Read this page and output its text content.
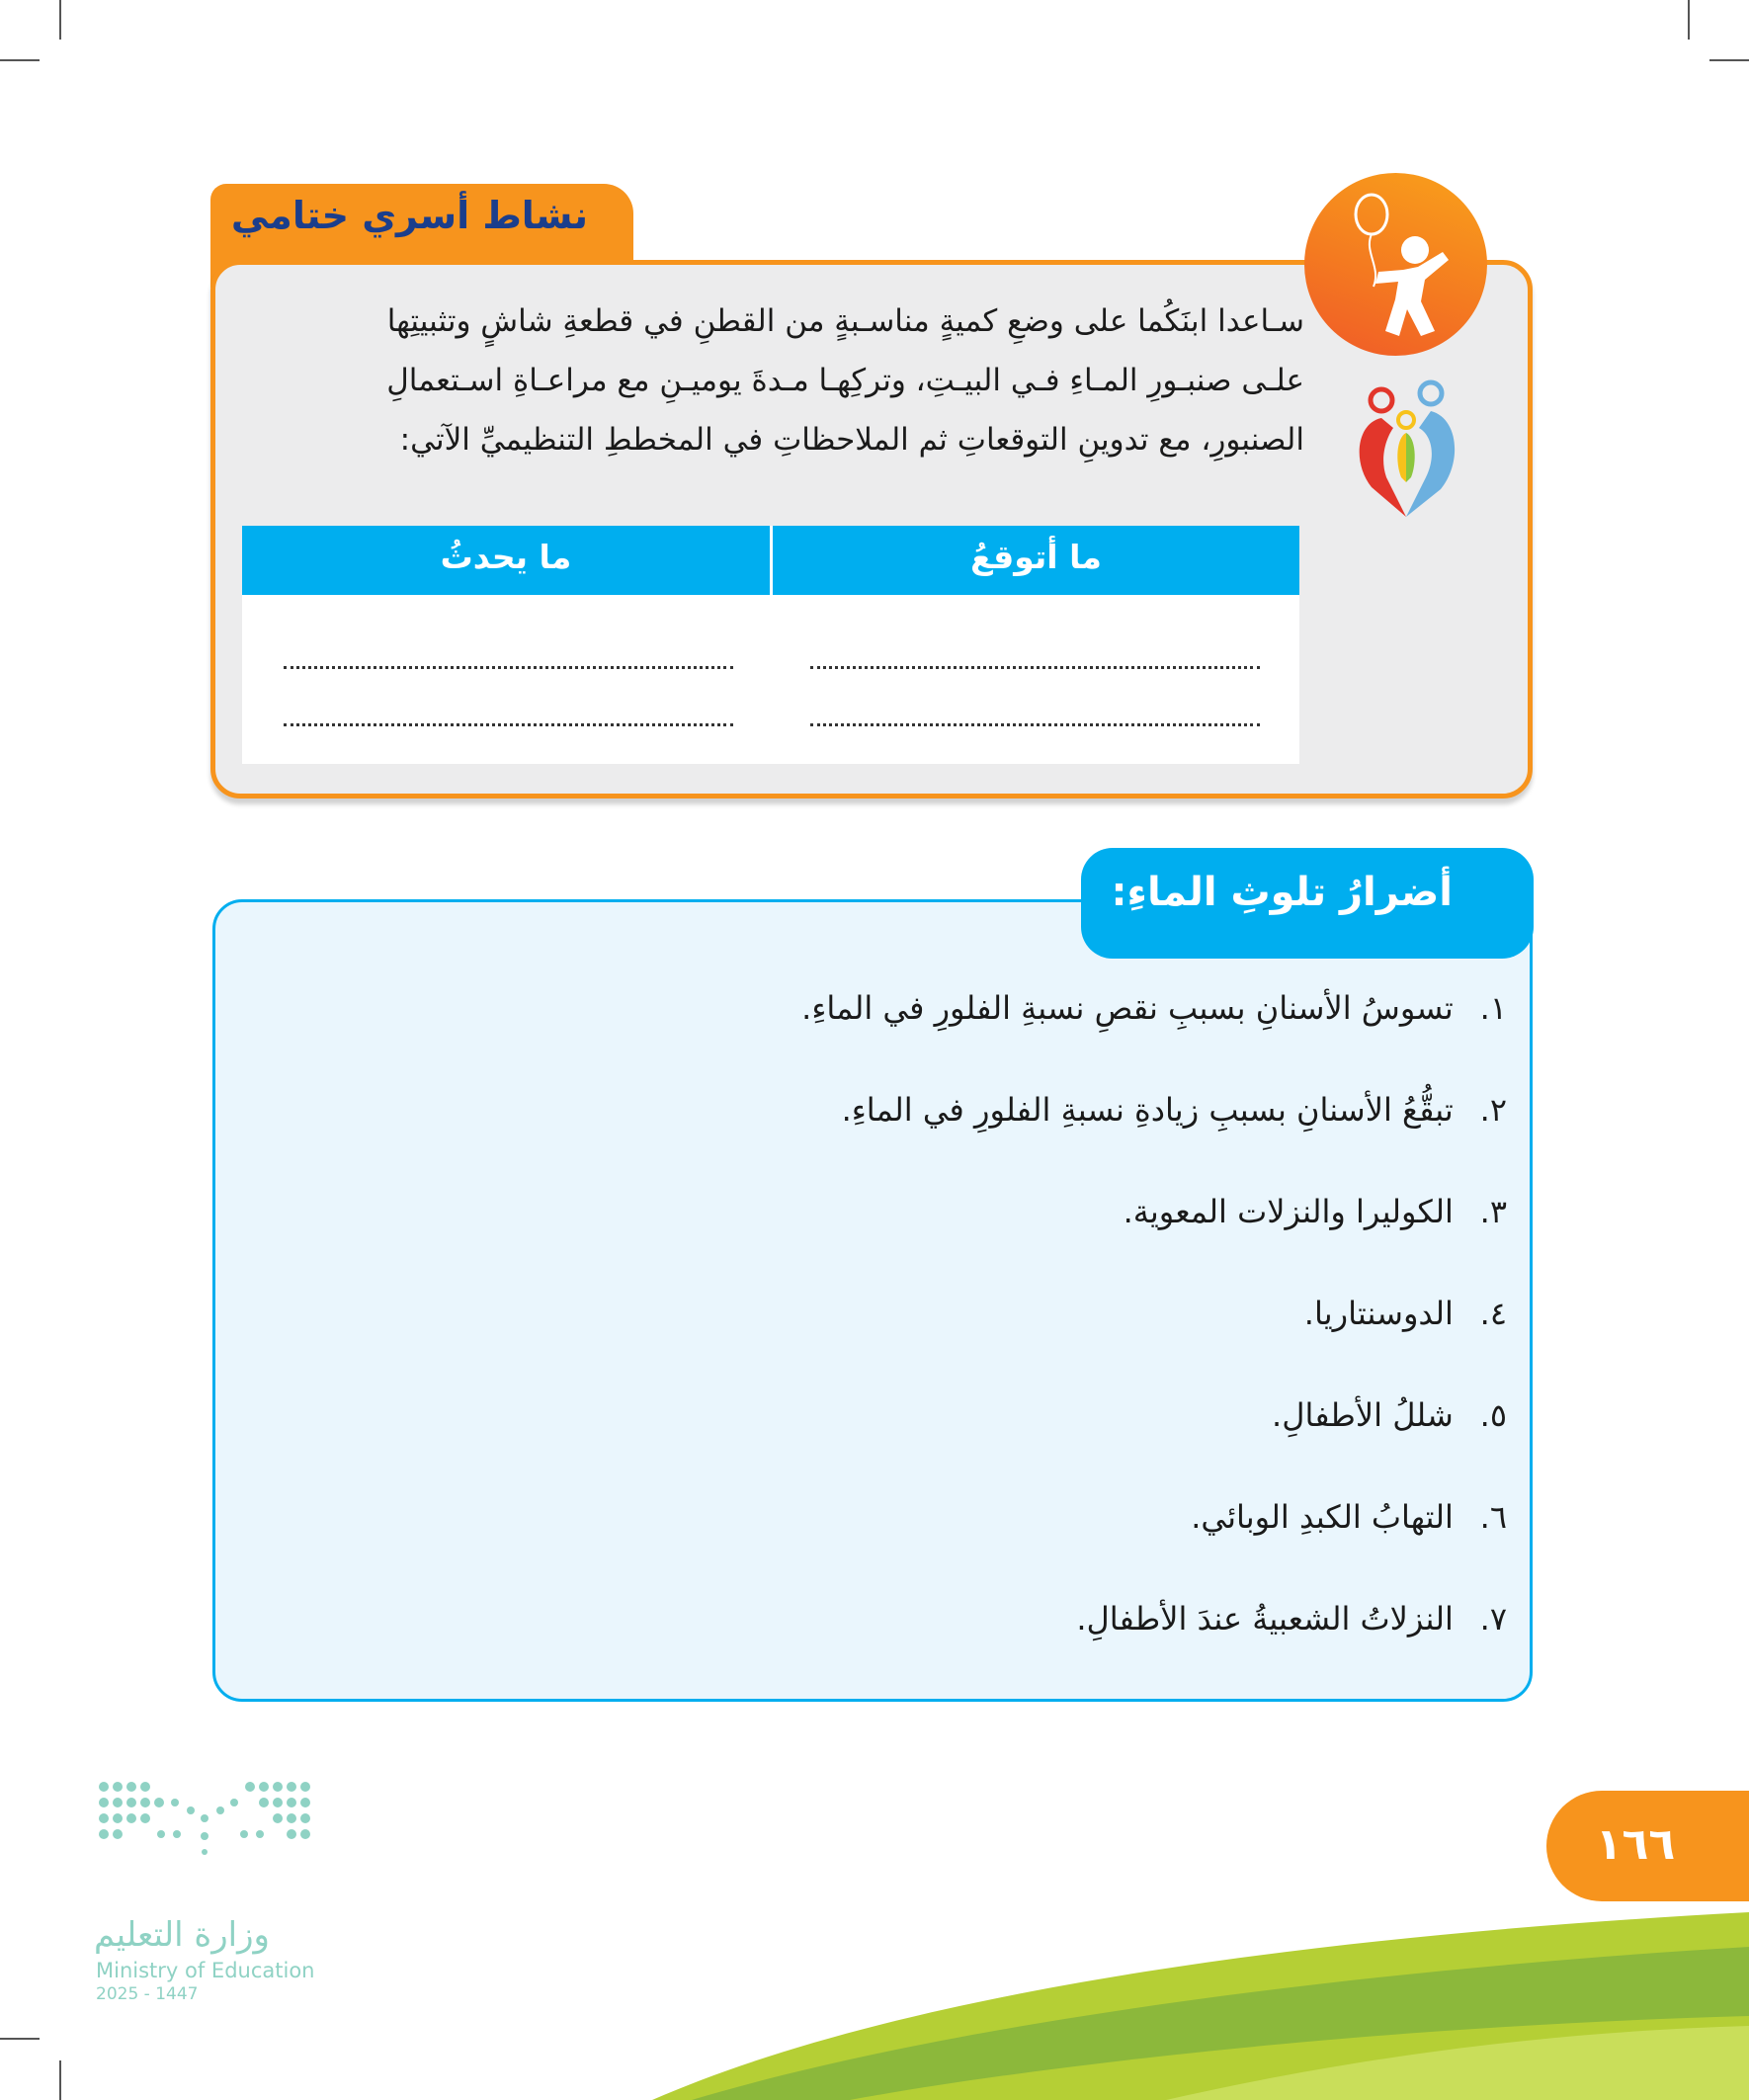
نشاط أسري ختامي
سـاعدا ابنَكُما على وضعِ كميةٍ مناسـبةٍ من القطنِ في قطعةِ شاشٍ وتثبيتِها
علـى صنبـورِ المـاءِ فـي البيـتِ، وتركِهـا مـدةَ يوميـنِ مع مراعـاةِ اسـتعمالِ
الصنبورِ، مع تدوينِ التوقعاتِ ثم الملاحظاتِ في المخططِ التنظيميِّ الآتي:
ما أتوقعُ
ما يحدثُ
أضرارُ تلوثِ الماءِ:
١. تسوسُ الأسنانِ بسببِ نقصِ نسبةِ الفلورِ في الماءِ.
٢. تبقُّعُ الأسنانِ بسببِ زيادةِ نسبةِ الفلورِ في الماءِ.
٣. الكوليرا والنزلات المعوية.
٤. الدوسنتاريا.
٥. شللُ الأطفالِ.
٦. التهابُ الكبدِ الوبائي.
٧. النزلاتُ الشعبيةُ عندَ الأطفالِ.
١٦٦
وزارة التعليم
Ministry of Education
2025 - 1447
